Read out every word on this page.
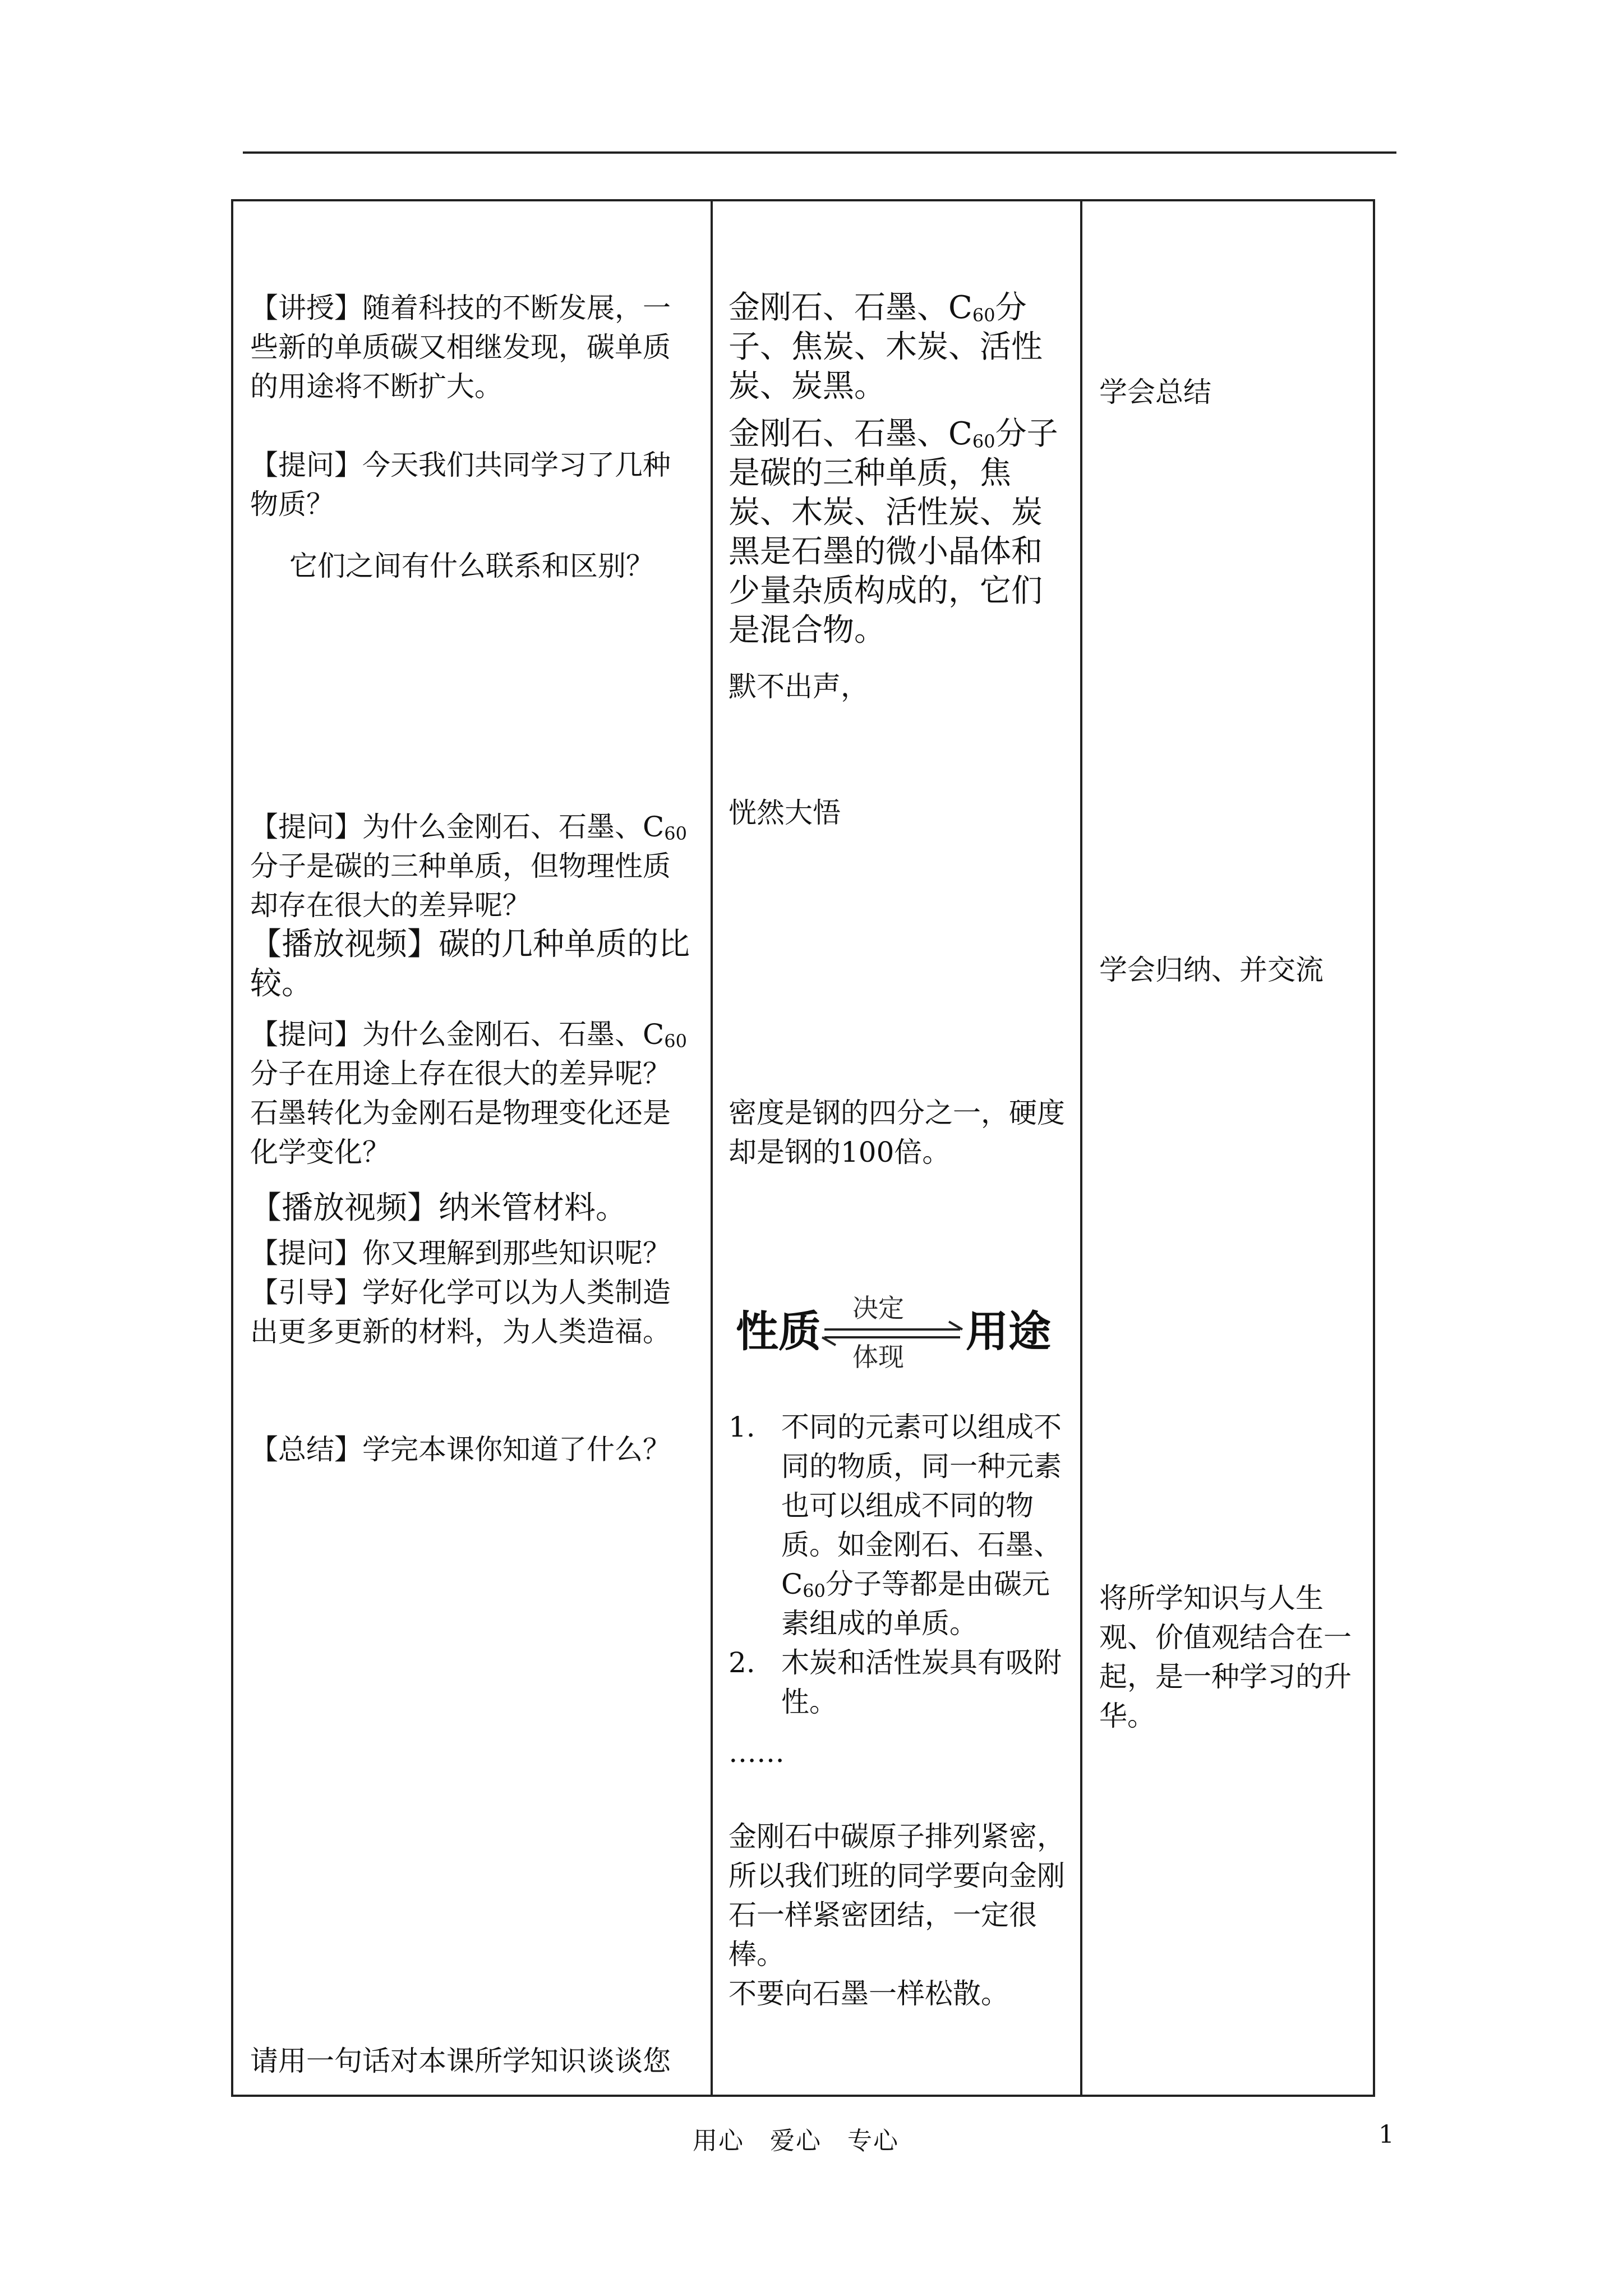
【讲授】随着科技的不断发展，一些新的单质碳又相继发现，碳单质的用途将不断扩大。

【提问】今天我们共同学习了几种物质？

它们之间有什么联系和区别？

【提问】为什么金刚石、石墨、$C_{60}$分子是碳的三种单质，但物理性质却存在很大的差异呢？

【播放视频】碳的几种单质的比较。

【提问】为什么金刚石、石墨、$C_{60}$分子在用途上存在很大的差异呢？石墨转化为金刚石是物理变化还是化学变化？

【播放视频】纳米管材料。

【提问】你又理解到那些知识呢？

【引导】学好化学可以为人类制造出更多更新的材料，为人类造福。

【总结】学完本课你知道了什么？

请用一句话对本课所学知识谈谈您

金刚石、石墨、$C_{60}$分子、焦炭、木炭、活性炭、炭黑。

金刚石、石墨、$C_{60}$分子是碳的三种单质，焦炭、木炭、活性炭、炭黑是石墨的微小晶体和少量杂质构成的，它们是混合物。

默不出声，

恍然大悟

密度是钢的四分之一，硬度却是钢的100倍。

1. 不同的元素可以组成不同的物质，同一种元素也可以组成不同的物质。如金刚石、石墨、$C_{60}$分子等都是由碳元素组成的单质。
2. 木炭和活性炭具有吸附性。

……

金刚石中碳原子排列紧密，所以我们班的同学要向金刚石一样紧密团结，一定很棒。

不要向石墨一样松散。

学会总结

学会归纳、并交流

将所学知识与人生观、价值观结合在一起，是一种学习的升华。

性质 决定
体现
用途
用心 爱心 专心	1
